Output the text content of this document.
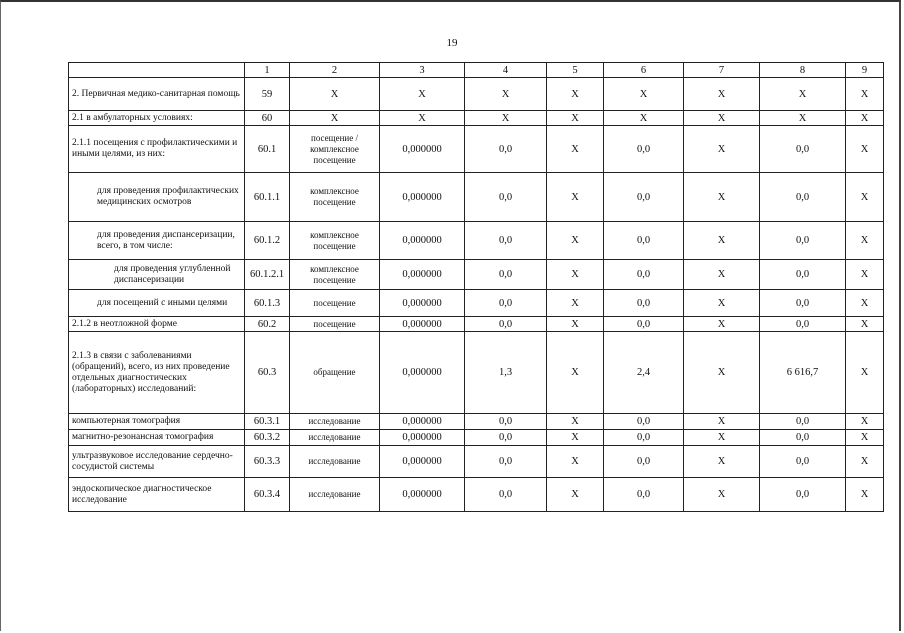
19
	1	2	3	4	5	6	7	8	9
2. Первичная медико-санитарная помощь	59	Х	Х	Х	Х	Х	Х	Х	Х
2.1 в амбулаторных условиях:	60	Х	Х	Х	Х	Х	Х	Х	Х
2.1.1 посещения с профилактическими и иными целями, из них:	60.1	посещение / комплексное посещение	0,000000	0,0	Х	0,0	Х	0,0	Х
для проведения профилактических медицинских осмотров	60.1.1	комплексное посещение	0,000000	0,0	Х	0,0	Х	0,0	Х
для проведения диспансеризации, всего, в том числе:	60.1.2	комплексное посещение	0,000000	0,0	Х	0,0	Х	0,0	Х
для проведения углубленной диспансеризации	60.1.2.1	комплексное посещение	0,000000	0,0	Х	0,0	Х	0,0	Х
для посещений с иными целями	60.1.3	посещение	0,000000	0,0	Х	0,0	Х	0,0	Х
2.1.2 в неотложной форме	60.2	посещение	0,000000	0,0	Х	0,0	Х	0,0	Х
2.1.3 в связи с заболеваниями (обращений), всего, из них проведение отдельных диагностических (лабораторных) исследований:	60.3	обращение	0,000000	1,3	Х	2,4	Х	6 616,7	Х
компьютерная томография	60.3.1	исследование	0,000000	0,0	Х	0,0	Х	0,0	Х
магнитно-резонансная томография	60.3.2	исследование	0,000000	0,0	Х	0,0	Х	0,0	Х
ультразвуковое исследование сердечно-сосудистой системы	60.3.3	исследование	0,000000	0,0	Х	0,0	Х	0,0	Х
эндоскопическое диагностическое исследование	60.3.4	исследование	0,000000	0,0	Х	0,0	Х	0,0	Х
